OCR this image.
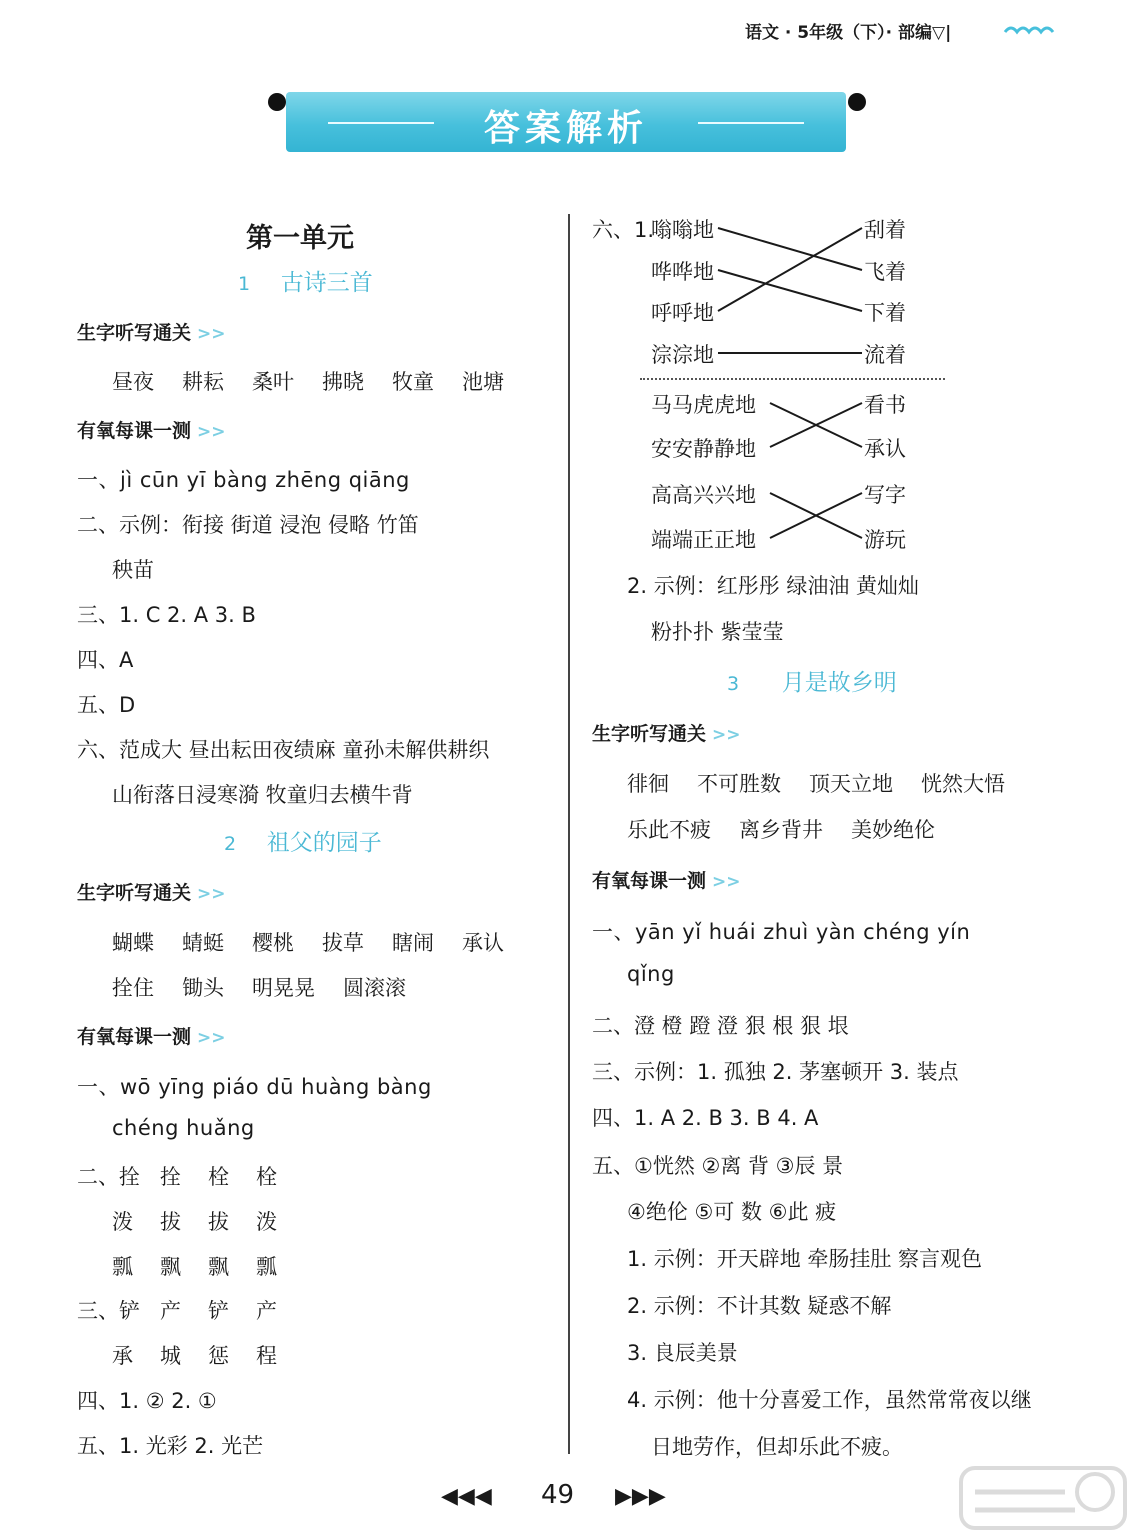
语文 · 5年级（下）· 部编▽|
答案解析
第一单元
1 古诗三首
生字听写通关 >>
昼夜 耕耘 桑叶 拂晓 牧童 池塘
有氧每课一测 >>
一、jì cūn yī bàng zhēng qiāng
二、示例：衔接 街道 浸泡 侵略 竹笛
秧苗
三、1. C 2. A 3. B
四、A
五、D
六、范成大 昼出耘田夜绩麻 童孙未解供耕织
山衔落日浸寒漪 牧童归去横牛背
2 祖父的园子
生字听写通关 >>
蝴蝶 蜻蜓 樱桃 拔草 瞎闹 承认
拴住 锄头 明晃晃 圆滚滚
有氧每课一测 >>
一、wō yīng piáo dū huàng bàng
chéng huǎng
二、拴 拴 栓 栓
泼 拔 拔 泼
瓢 飘 飘 瓢
三、铲 产 铲 产
承 城 惩 程
四、1. ② 2. ①
五、1. 光彩 2. 光芒
六、1.
嗡嗡地
哗哗地
呼呼地
淙淙地
刮着
飞着
下着
流着
马马虎虎地
安安静静地
高高兴兴地
端端正正地
看书
承认
写字
游玩
2. 示例：红彤彤 绿油油 黄灿灿
粉扑扑 紫莹莹
3 月是故乡明
生字听写通关 >>
徘徊 不可胜数 顶天立地 恍然大悟
乐此不疲 离乡背井 美妙绝伦
有氧每课一测 >>
一、yān yǐ huái zhuì yàn chéng yín
qǐng
二、澄 橙 蹬 澄 狠 根 狠 垠
三、示例：1. 孤独 2. 茅塞顿开 3. 装点
四、1. A 2. B 3. B 4. A
五、①恍然 ②离 背 ③辰 景
④绝伦 ⑤可 数 ⑥此 疲
1. 示例：开天辟地 牵肠挂肚 察言观色
2. 示例：不计其数 疑惑不解
3. 良辰美景
4. 示例：他十分喜爱工作，虽然常常夜以继
日地劳作，但却乐此不疲。
◀◀◀ 49 ▶▶▶
